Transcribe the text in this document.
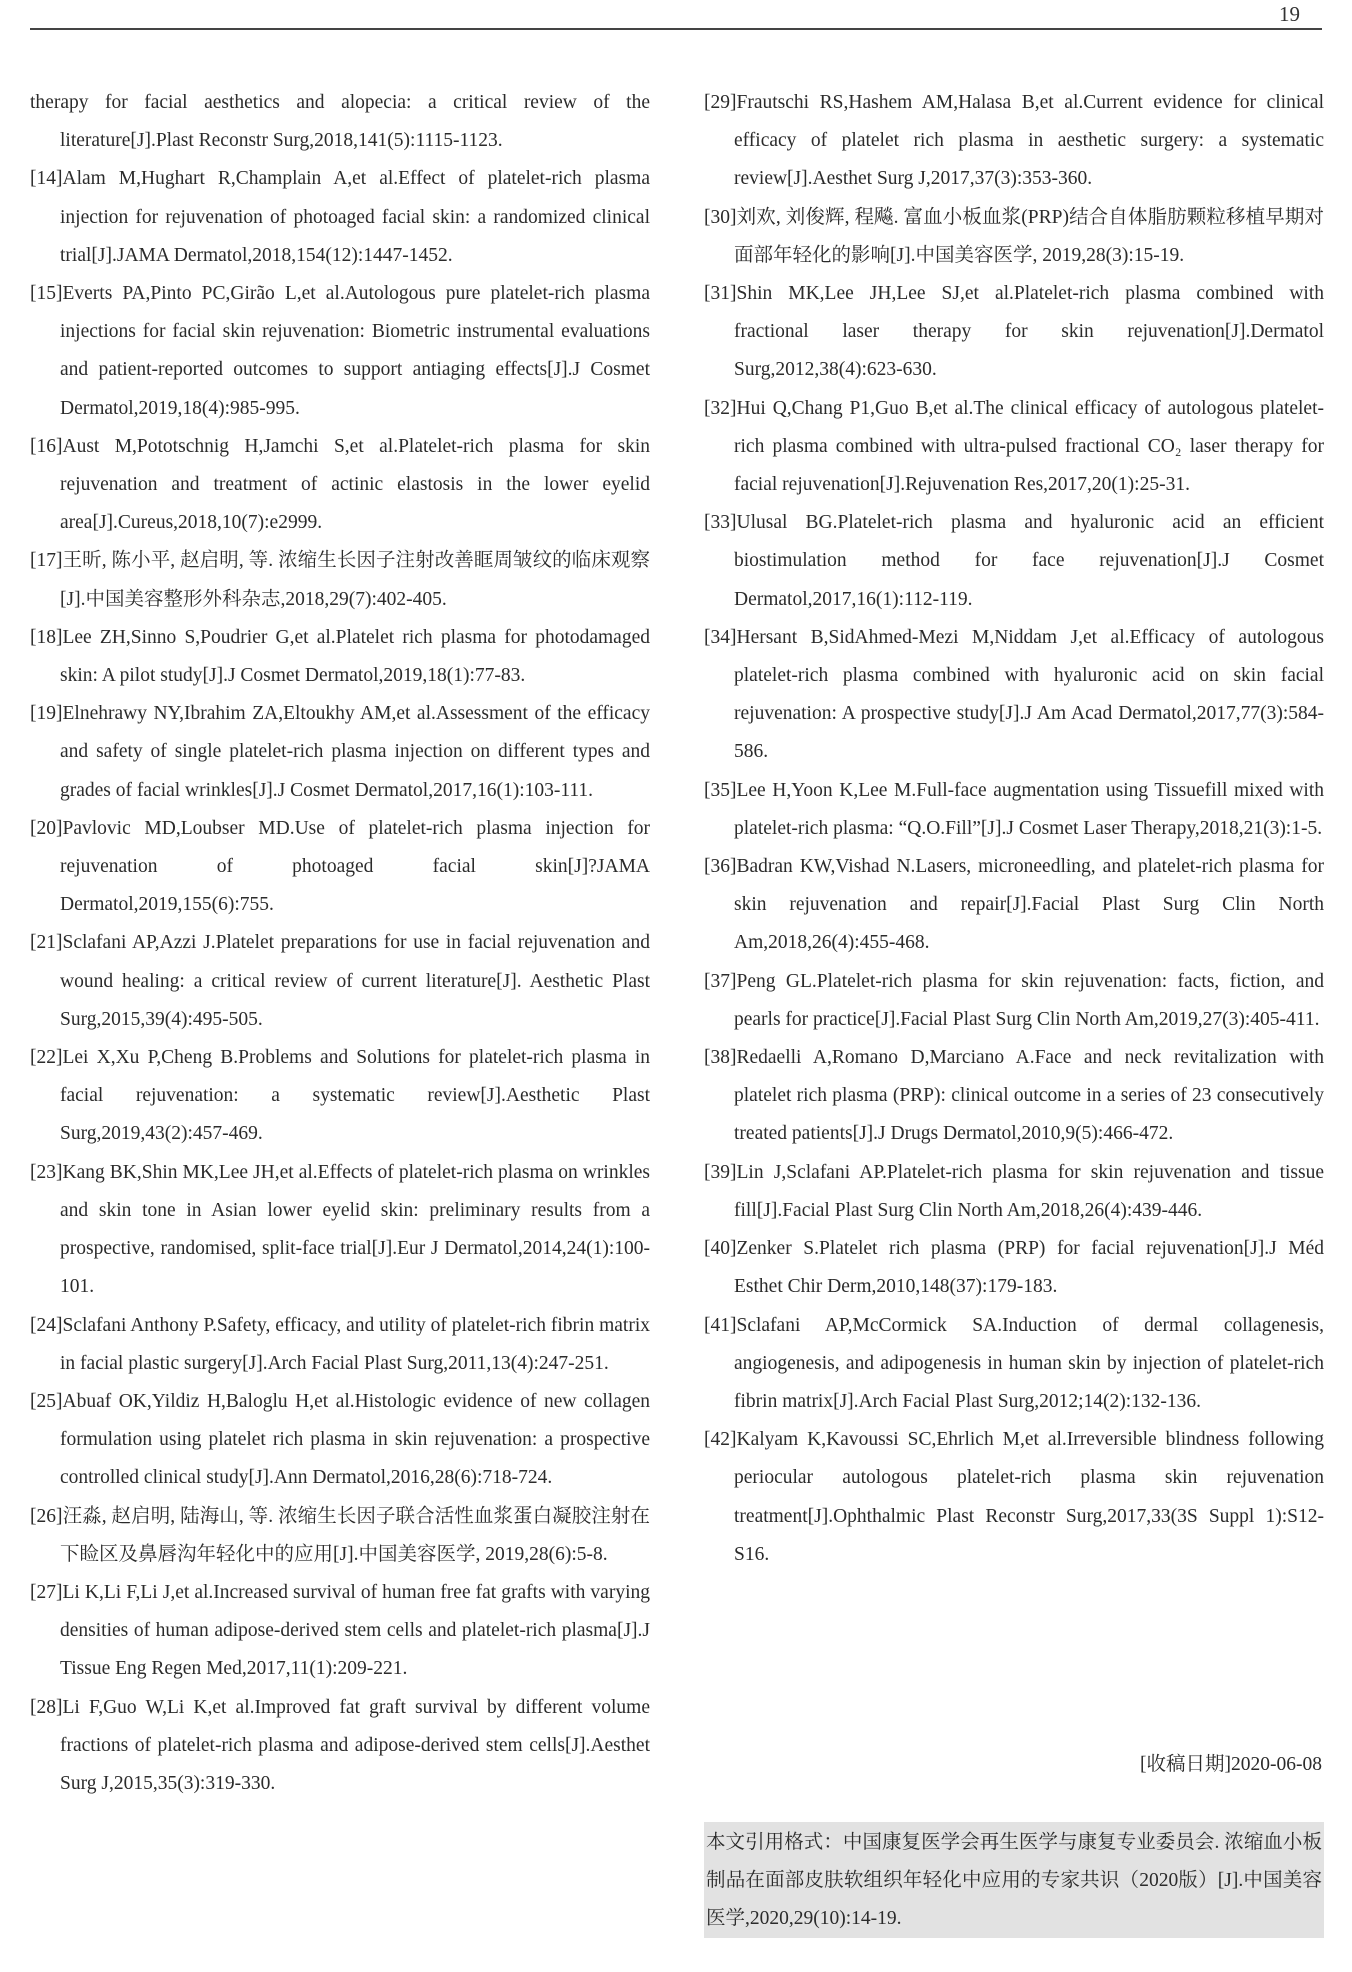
19

therapy for facial aesthetics and alopecia: a critical review of the literature[J].Plast Reconstr Surg,2018,141(5):1115-1123.

[14]Alam M,Hughart R,Champlain A,et al.Effect of platelet-rich plasma injection for rejuvenation of photoaged facial skin: a randomized clinical trial[J].JAMA Dermatol,2018,154(12):1447-1452.

[15]Everts PA,Pinto PC,Girão L,et al.Autologous pure platelet-rich plasma injections for facial skin rejuvenation: Biometric instrumental evaluations and patient-reported outcomes to support antiaging effects[J].J Cosmet Dermatol,2019,18(4):985-995.

[16]Aust M,Pototschnig H,Jamchi S,et al.Platelet-rich plasma for skin rejuvenation and treatment of actinic elastosis in the lower eyelid area[J].Cureus,2018,10(7):e2999.

[17]王昕, 陈小平, 赵启明, 等. 浓缩生长因子注射改善眶周皱纹的临床观察[J].中国美容整形外科杂志,2018,29(7):402-405.

[18]Lee ZH,Sinno S,Poudrier G,et al.Platelet rich plasma for photodamaged skin: A pilot study[J].J Cosmet Dermatol,2019,18(1):77-83.

[19]Elnehrawy NY,Ibrahim ZA,Eltoukhy AM,et al.Assessment of the efficacy and safety of single platelet-rich plasma injection on different types and grades of facial wrinkles[J].J Cosmet Dermatol,2017,16(1):103-111.

[20]Pavlovic MD,Loubser MD.Use of platelet-rich plasma injection for rejuvenation of photoaged facial skin[J]?JAMA Dermatol,2019,155(6):755.

[21]Sclafani AP,Azzi J.Platelet preparations for use in facial rejuvenation and wound healing: a critical review of current literature[J]. Aesthetic Plast Surg,2015,39(4):495-505.

[22]Lei X,Xu P,Cheng B.Problems and Solutions for platelet-rich plasma in facial rejuvenation: a systematic review[J].Aesthetic Plast Surg,2019,43(2):457-469.

[23]Kang BK,Shin MK,Lee JH,et al.Effects of platelet-rich plasma on wrinkles and skin tone in Asian lower eyelid skin: preliminary results from a prospective, randomised, split-face trial[J].Eur J Dermatol,2014,24(1):100-101.

[24]Sclafani Anthony P.Safety, efficacy, and utility of platelet-rich fibrin matrix in facial plastic surgery[J].Arch Facial Plast Surg,2011,13(4):247-251.

[25]Abuaf OK,Yildiz H,Baloglu H,et al.Histologic evidence of new collagen formulation using platelet rich plasma in skin rejuvenation: a prospective controlled clinical study[J].Ann Dermatol,2016,28(6):718-724.

[26]汪淼, 赵启明, 陆海山, 等. 浓缩生长因子联合活性血浆蛋白凝胶注射在下睑区及鼻唇沟年轻化中的应用[J].中国美容医学, 2019,28(6):5-8.

[27]Li K,Li F,Li J,et al.Increased survival of human free fat grafts with varying densities of human adipose-derived stem cells and platelet-rich plasma[J].J Tissue Eng Regen Med,2017,11(1):209-221.

[28]Li F,Guo W,Li K,et al.Improved fat graft survival by different volume fractions of platelet-rich plasma and adipose-derived stem cells[J].Aesthet Surg J,2015,35(3):319-330.

[29]Frautschi RS,Hashem AM,Halasa B,et al.Current evidence for clinical efficacy of platelet rich plasma in aesthetic surgery: a systematic review[J].Aesthet Surg J,2017,37(3):353-360.

[30]刘欢, 刘俊辉, 程飚. 富血小板血浆(PRP)结合自体脂肪颗粒移植早期对面部年轻化的影响[J].中国美容医学, 2019,28(3):15-19.

[31]Shin MK,Lee JH,Lee SJ,et al.Platelet-rich plasma combined with fractional laser therapy for skin rejuvenation[J].Dermatol Surg,2012,38(4):623-630.

[32]Hui Q,Chang P1,Guo B,et al.The clinical efficacy of autologous platelet-rich plasma combined with ultra-pulsed fractional CO₂ laser therapy for facial rejuvenation[J].Rejuvenation Res,2017,20(1):25-31.

[33]Ulusal BG.Platelet-rich plasma and hyaluronic acid an efficient biostimulation method for face rejuvenation[J].J Cosmet Dermatol,2017,16(1):112-119.

[34]Hersant B,SidAhmed-Mezi M,Niddam J,et al.Efficacy of autologous platelet-rich plasma combined with hyaluronic acid on skin facial rejuvenation: A prospective study[J].J Am Acad Dermatol,2017,77(3):584-586.

[35]Lee H,Yoon K,Lee M.Full-face augmentation using Tissuefill mixed with platelet-rich plasma: “Q.O.Fill”[J].J Cosmet Laser Therapy,2018,21(3):1-5.

[36]Badran KW,Vishad N.Lasers, microneedling, and platelet-rich plasma for skin rejuvenation and repair[J].Facial Plast Surg Clin North Am,2018,26(4):455-468.

[37]Peng GL.Platelet-rich plasma for skin rejuvenation: facts, fiction, and pearls for practice[J].Facial Plast Surg Clin North Am,2019,27(3):405-411.

[38]Redaelli A,Romano D,Marciano A.Face and neck revitalization with platelet rich plasma (PRP): clinical outcome in a series of 23 consecutively treated patients[J].J Drugs Dermatol,2010,9(5):466-472.

[39]Lin J,Sclafani AP.Platelet-rich plasma for skin rejuvenation and tissue fill[J].Facial Plast Surg Clin North Am,2018,26(4):439-446.

[40]Zenker S.Platelet rich plasma (PRP) for facial rejuvenation[J].J Méd Esthet Chir Derm,2010,148(37):179-183.

[41]Sclafani AP,McCormick SA.Induction of dermal collagenesis, angiogenesis, and adipogenesis in human skin by injection of platelet-rich fibrin matrix[J].Arch Facial Plast Surg,2012;14(2):132-136.

[42]Kalyam K,Kavoussi SC,Ehrlich M,et al.Irreversible blindness following periocular autologous platelet-rich plasma skin rejuvenation treatment[J].Ophthalmic Plast Reconstr Surg,2017,33(3S Suppl 1):S12-S16.

[收稿日期]2020-06-08
本文引用格式：中国康复医学会再生医学与康复专业委员会. 浓缩血小板制品在面部皮肤软组织年轻化中应用的专家共识（2020版）[J].中国美容医学,2020,29(10):14-19.
